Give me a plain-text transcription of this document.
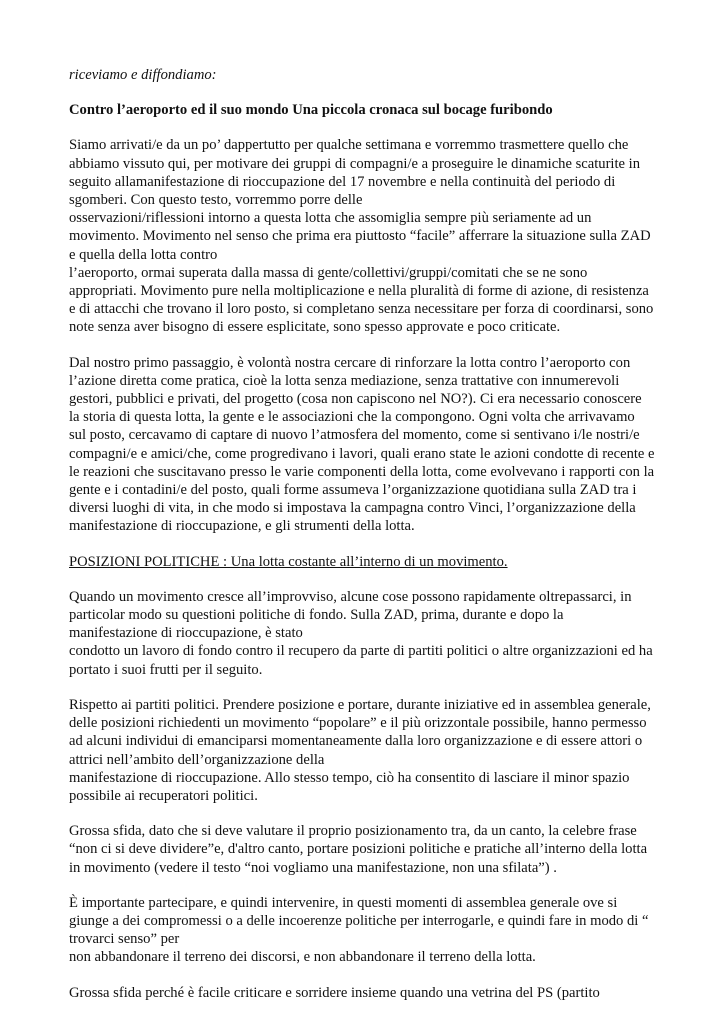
riceviamo e diffondiamo:
Contro l’aeroporto ed il suo mondo Una piccola cronaca sul bocage furibondo

Siamo arrivati/e da un po’ dappertutto per qualche settimana e vorremmo trasmettere quello che
abbiamo vissuto qui, per motivare dei gruppi di compagni/e a proseguire le dinamiche scaturite in
seguito allamanifestazione di rioccupazione del 17 novembre e nella continuità del periodo di
sgomberi. Con questo testo, vorremmo porre delle
osservazioni/riflessioni intorno a questa lotta che assomiglia sempre più seriamente ad un
movimento. Movimento nel senso che prima era piuttosto “facile” afferrare la situazione sulla ZAD
e quella della lotta contro
l’aeroporto, ormai superata dalla massa di gente/collettivi/gruppi/comitati che se ne sono
appropriati. Movimento pure nella moltiplicazione e nella pluralità di forme di azione, di resistenza
e di attacchi che trovano il loro posto, si completano senza necessitare per forza di coordinarsi, sono
note senza aver bisogno di essere esplicitate, sono spesso approvate e poco criticate.

Dal nostro primo passaggio, è volontà nostra cercare di rinforzare la lotta contro l’aeroporto con
l’azione diretta come pratica, cioè la lotta senza mediazione, senza trattative con innumerevoli
gestori, pubblici e privati, del progetto (cosa non capiscono nel NO?). Ci era necessario conoscere
la storia di questa lotta, la gente e le associazioni che la compongono. Ogni volta che arrivavamo
sul posto, cercavamo di captare di nuovo l’atmosfera del momento, come si sentivano i/le nostri/e
compagni/e e amici/che, come progredivano i lavori, quali erano state le azioni condotte di recente e
le reazioni che suscitavano presso le varie componenti della lotta, come evolvevano i rapporti con la
gente e i contadini/e del posto, quali forme assumeva l’organizzazione quotidiana sulla ZAD tra i
diversi luoghi di vita, in che modo si impostava la campagna contro Vinci, l’organizzazione della
manifestazione di rioccupazione, e gli strumenti della lotta.

POSIZIONI POLITICHE : Una lotta costante all’interno di un movimento.

Quando un movimento cresce all’improvviso, alcune cose possono rapidamente oltrepassarci, in
particolar modo su questioni politiche di fondo. Sulla ZAD, prima, durante e dopo la
manifestazione di rioccupazione, è stato
condotto un lavoro di fondo contro il recupero da parte di partiti politici o altre organizzazioni ed ha
portato i suoi frutti per il seguito.

Rispetto ai partiti politici. Prendere posizione e portare, durante iniziative ed in assemblea generale,
delle posizioni richiedenti un movimento “popolare” e il più orizzontale possibile, hanno permesso
ad alcuni individui di emanciparsi momentaneamente dalla loro organizzazione e di essere attori o
attrici nell’ambito dell’organizzazione della
manifestazione di rioccupazione. Allo stesso tempo, ciò ha consentito di lasciare il minor spazio
possibile ai recuperatori politici.

Grossa sfida, dato che si deve valutare il proprio posizionamento tra, da un canto, la celebre frase
“non ci si deve dividere”e, d'altro canto, portare posizioni politiche e pratiche all’interno della lotta
in movimento (vedere il testo “noi vogliamo una manifestazione, non una sfilata”) .

È importante partecipare, e quindi intervenire, in questi momenti di assemblea generale ove si
giunge a dei compromessi o a delle incoerenze politiche per interrogarle, e quindi fare in modo di “
trovarci senso” per
non abbandonare il terreno dei discorsi, e non abbandonare il terreno della lotta.

Grossa sfida perché è facile criticare e sorridere insieme quando una vetrina del PS (partito
